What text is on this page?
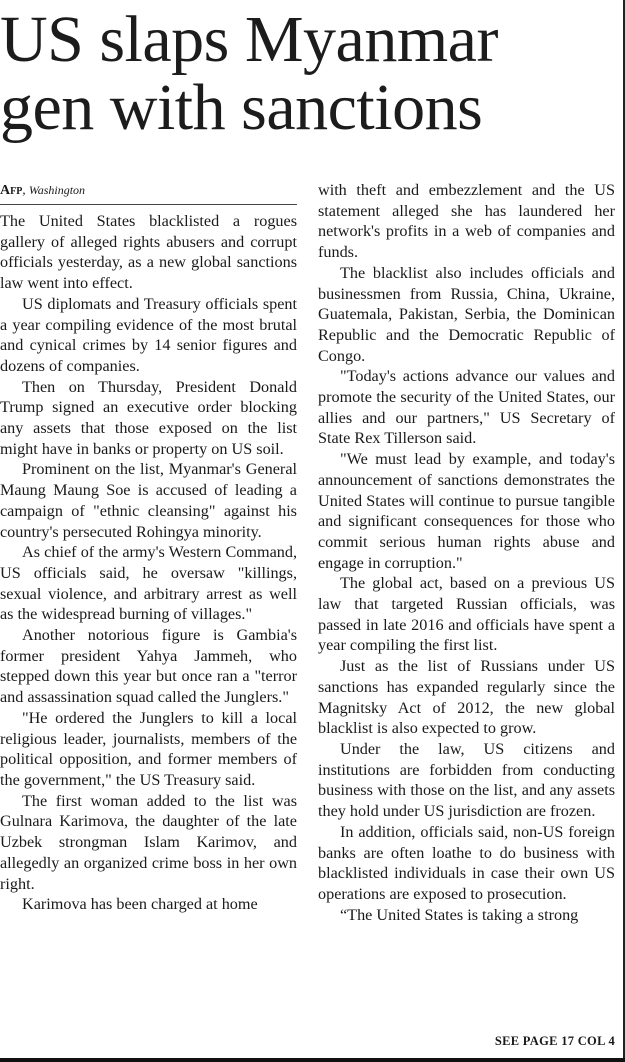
US slaps Myanmar
gen with sanctions
Afp, Washington

The United States blacklisted a rogues gallery of alleged rights abusers and corrupt officials yesterday, as a new global sanctions law went into effect.

US diplomats and Treasury officials spent a year compiling evidence of the most brutal and cynical crimes by 14 senior figures and dozens of companies.

Then on Thursday, President Donald Trump signed an executive order blocking any assets that those exposed on the list might have in banks or property on US soil.

Prominent on the list, Myanmar's General Maung Maung Soe is accused of leading a campaign of "ethnic cleansing" against his country's persecuted Rohingya minority.

As chief of the army's Western Command, US officials said, he oversaw "killings, sexual violence, and arbitrary arrest as well as the widespread burning of villages."

Another notorious figure is Gambia's former president Yahya Jammeh, who stepped down this year but once ran a "terror and assassination squad called the Junglers."

"He ordered the Junglers to kill a local religious leader, journalists, members of the political opposition, and former members of the government," the US Treasury said.

The first woman added to the list was Gulnara Karimova, the daughter of the late Uzbek strongman Islam Karimov, and allegedly an organized crime boss in her own right.

Karimova has been charged at home

with theft and embezzlement and the US statement alleged she has laundered her network's profits in a web of companies and funds.

The blacklist also includes officials and businessmen from Russia, China, Ukraine, Guatemala, Pakistan, Serbia, the Dominican Republic and the Democratic Republic of Congo.

"Today's actions advance our values and promote the security of the United States, our allies and our partners," US Secretary of State Rex Tillerson said.

"We must lead by example, and today's announcement of sanctions demonstrates the United States will continue to pursue tangible and significant consequences for those who commit serious human rights abuse and engage in corruption."

The global act, based on a previous US law that targeted Russian officials, was passed in late 2016 and officials have spent a year compiling the first list.

Just as the list of Russians under US sanctions has expanded regularly since the Magnitsky Act of 2012, the new global blacklist is also expected to grow.

Under the law, US citizens and institutions are forbidden from conducting business with those on the list, and any assets they hold under US jurisdiction are frozen.

In addition, officials said, non-US foreign banks are often loathe to do business with blacklisted individuals in case their own US operations are exposed to prosecution.

“The United States is taking a strong

SEE PAGE 17 COL 4
